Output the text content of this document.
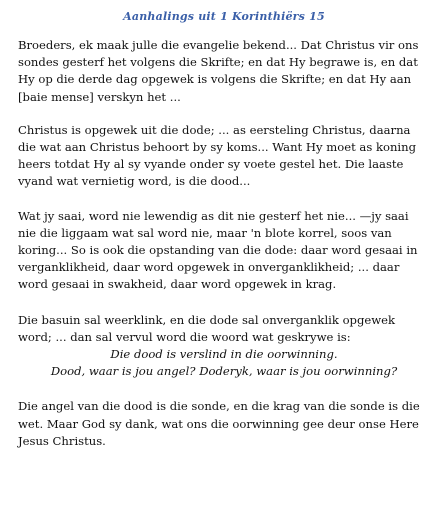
Aanhalings uit 1 Korinthiërs 15

Broeders, ek maak julle die evangelie bekend... Dat Christus vir ons sondes gesterf het volgens die Skrifte; en dat Hy begrawe is, en dat Hy op die derde dag opgewek is volgens die Skrifte; en dat Hy aan [baie mense] verskyn het ...

Christus is opgewek uit die dode; ... as eersteling Christus, daarna die wat aan Christus behoort by sy koms... Want Hy moet as koning heers totdat Hy al sy vyande onder sy voete gestel het. Die laaste vyand wat vernietig word, is die dood...

Wat jy saai, word nie lewendig as dit nie gesterf het nie... —jy saai nie die liggaam wat sal word nie, maar 'n blote korrel, soos van koring... So is ook die opstanding van die dode: daar word gesaai in verganklikheid, daar word opgewek in onverganklikheid; ... daar word gesaai in swakheid, daar word opgewek in krag.

Die basuin sal weerklink, en die dode sal onverganklik opgewek word; ... dan sal vervul word die woord wat geskrywe is:

Die dood is verslind in die oorwinning.

Dood, waar is jou angel? Doderyk, waar is jou oorwinning?

Die angel van die dood is die sonde, en die krag van die sonde is die wet. Maar God sy dank, wat ons die oorwinning gee deur onse Here Jesus Christus.
